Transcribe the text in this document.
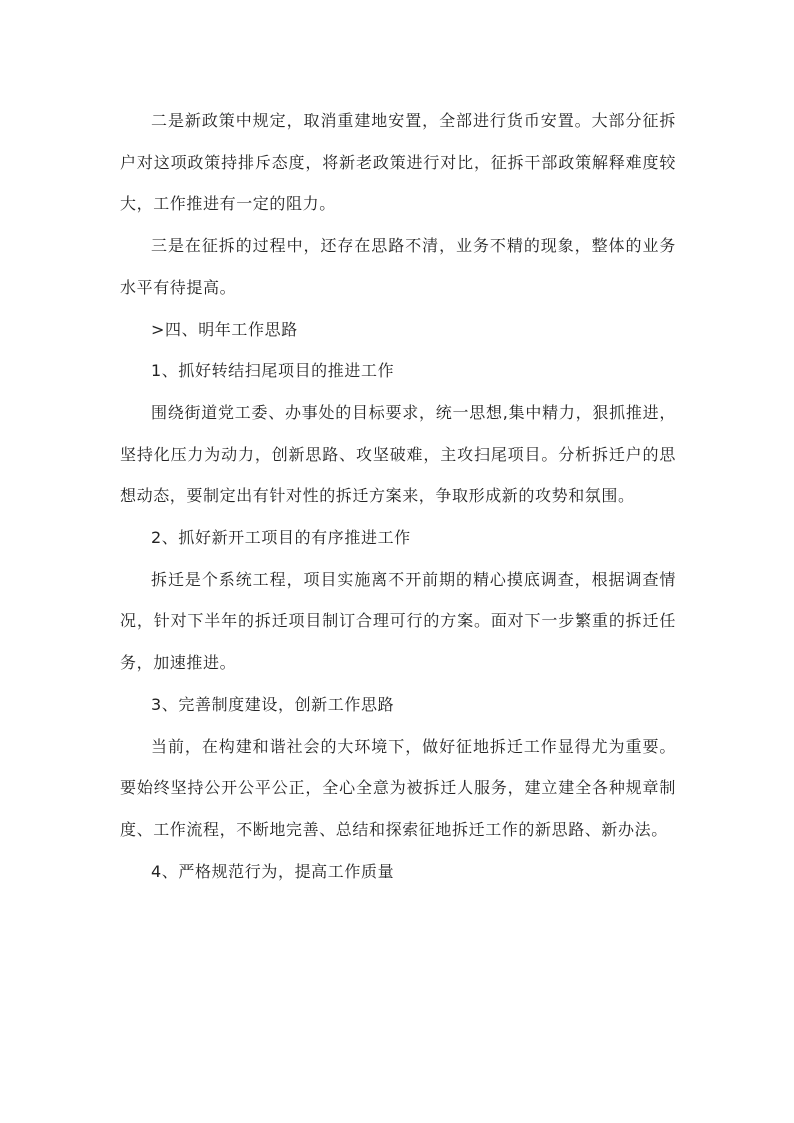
二是新政策中规定，取消重建地安置，全部进行货币安置。大部分征拆户对这项政策持排斥态度，将新老政策进行对比，征拆干部政策解释难度较大，工作推进有一定的阻力。

三是在征拆的过程中，还存在思路不清，业务不精的现象，整体的业务水平有待提高。

>四、明年工作思路

1、抓好转结扫尾项目的推进工作

围绕街道党工委、办事处的目标要求，统一思想,集中精力，狠抓推进，坚持化压力为动力，创新思路、攻坚破难，主攻扫尾项目。分析拆迁户的思想动态，要制定出有针对性的拆迁方案来，争取形成新的攻势和氛围。

2、抓好新开工项目的有序推进工作

拆迁是个系统工程，项目实施离不开前期的精心摸底调查，根据调查情况，针对下半年的拆迁项目制订合理可行的方案。面对下一步繁重的拆迁任务，加速推进。

3、完善制度建设，创新工作思路

当前，在构建和谐社会的大环境下，做好征地拆迁工作显得尤为重要。要始终坚持公开公平公正，全心全意为被拆迁人服务，建立建全各种规章制度、工作流程，不断地完善、总结和探索征地拆迁工作的新思路、新办法。

4、严格规范行为，提高工作质量
